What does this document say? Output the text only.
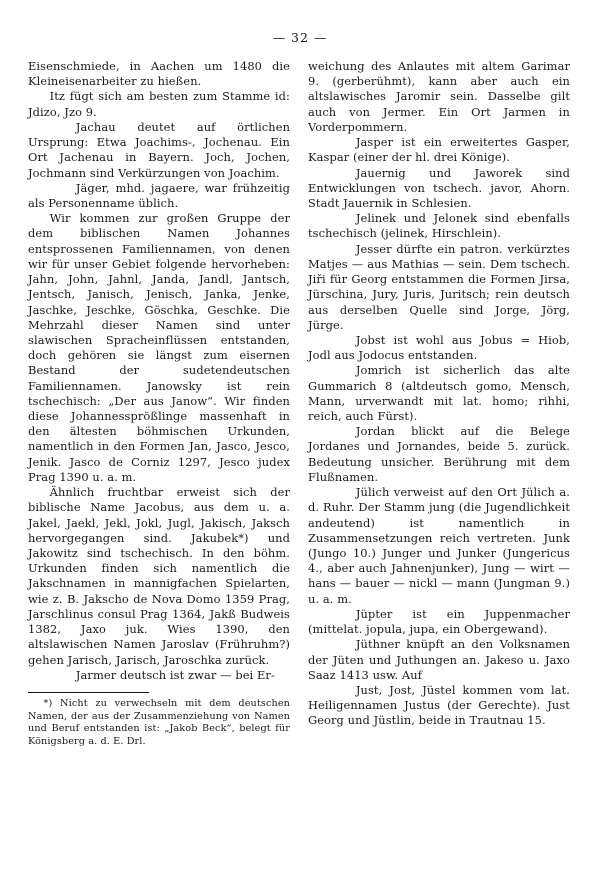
— 32 —

Eisenschmiede, in Aachen um 1480 die Kleineisenarbeiter zu hießen.

Itz fügt sich am besten zum Stamme id: Jdizo, Jzo 9.

Jachau deutet auf örtlichen Ursprung: Etwa Joachims-, Jochenau. Ein Ort Jachenau in Bayern. Joch, Jochen, Jochmann sind Verkürzungen von Joachim.

Jäger, mhd. jagaere, war frühzeitig als Personenname üblich.

Wir kommen zur großen Gruppe der dem biblischen Namen Johannes entsprossenen Familiennamen, von denen wir für unser Gebiet folgende hervorheben: Jahn, John, Jahnl, Janda, Jandl, Jantsch, Jentsch, Janisch, Jenisch, Janka, Jenke, Jaschke, Jeschke, Göschka, Geschke. Die Mehrzahl dieser Namen sind unter slawischen Spracheinflüssen entstanden, doch gehören sie längst zum eisernen Bestand der sudetendeutschen Familiennamen. Janowsky ist rein tschechisch: „Der aus Janow“. Wir finden diese Johannessprößlinge massenhaft in den ältesten böhmischen Urkunden, namentlich in den Formen Jan, Jasco, Jesco, Jenik. Jasco de Corniz 1297, Jesco judex Prag 1390 u. a. m.

Ähnlich fruchtbar erweist sich der biblische Name Jacobus, aus dem u. a. Jakel, Jaekl, Jekl, Jokl, Jugl, Jakisch, Jaksch hervorgegangen sind. Jakubek*) und Jakowitz sind tschechisch. In den böhm. Urkunden finden sich namentlich die Jakschnamen in mannigfachen Spielarten, wie z. B. Jakscho de Nova Domo 1359 Prag, Jarschlinus consul Prag 1364, Jakß Budweis 1382, Jaxo juk. Wies 1390, den altslawischen Namen Jaroslav (Frühruhm?) gehen Jarisch, Jarisch, Jaroschka zurück.

Jarmer deutsch ist zwar — bei Er-

*) Nicht zu verwechseln mit dem deutschen Namen, der aus der Zusammenziehung von Namen und Beruf entstanden ist: „Jakob Beck“, belegt für Königsberg a. d. E. Drl.

weichung des Anlautes mit altem Garimar 9. (gerberühmt), kann aber auch ein altslawisches Jaromir sein. Dasselbe gilt auch von Jermer. Ein Ort Jarmen in Vorderpommern.

Jasper ist ein erweitertes Gasper, Kaspar (einer der hl. drei Könige).

Jauernig und Jaworek sind Entwicklungen von tschech. javor, Ahorn. Stadt Jauernik in Schlesien.

Jelinek und Jelonek sind ebenfalls tschechisch (jelinek, Hirschlein).

Jesser dürfte ein patron. verkürztes Matjes — aus Mathias — sein. Dem tschech. Jiři für Georg entstammen die Formen Jirsa, Jürschina, Jury, Juris, Juritsch; rein deutsch aus derselben Quelle sind Jorge, Jörg, Jürge.

Jobst ist wohl aus Jobus = Hiob, Jodl aus Jodocus entstanden.

Jomrich ist sicherlich das alte Gummarich 8 (altdeutsch gomo, Mensch, Mann, urverwandt mit lat. homo; rihhi, reich, auch Fürst).

Jordan blickt auf die Belege Jordanes und Jornandes, beide 5. zurück. Bedeutung unsicher. Berührung mit dem Flußnamen.

Jülich verweist auf den Ort Jülich a. d. Ruhr. Der Stamm jung (die Jugendlichkeit andeutend) ist namentlich in Zusammensetzungen reich vertreten. Junk (Jungo 10.) Junger und Junker (Jungericus 4., aber auch Jahnenjunker), Jung — wirt — hans — bauer — nickl — mann (Jungman 9.) u. a. m.

Jüpter ist ein Juppenmacher (mittelat. jopula, jupa, ein Obergewand).

Jüthner knüpft an den Volksnamen der Jüten und Juthungen an. Jakeso u. Jaxo Saaz 1413 usw. Auf

Just, Jost, Jüstel kommen vom lat. Heiligennamen Justus (der Gerechte). Just Georg und Jüstlin, beide in Trautnau 15.
